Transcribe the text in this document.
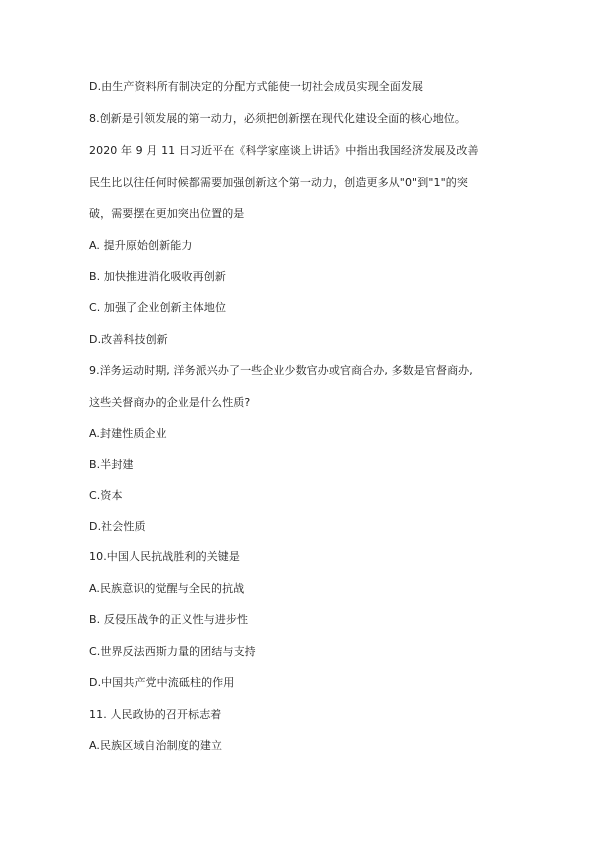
D.由生产资料所有制决定的分配方式能使一切社会成员实现全面发展
8.创新是引领发展的第一动力，必须把创新摆在现代化建设全面的核心地位。
2020 年 9 月 11 日习近平在《科学家座谈上讲话》中指出我国经济发展及改善
民生比以往任何时候都需要加强创新这个第一动力，创造更多从"0"到"1"的突
破，需要摆在更加突出位置的是
A. 提升原始创新能力
B. 加快推进消化吸收再创新
C. 加强了企业创新主体地位
D.改善科技创新
9.洋务运动时期, 洋务派兴办了一些企业少数官办或官商合办, 多数是官督商办,
这些关督商办的企业是什么性质?
A.封建性质企业
B.半封建
C.资本
D.社会性质
10.中国人民抗战胜利的关键是
A.民族意识的觉醒与全民的抗战
B. 反侵压战争的正义性与进步性
C.世界反法西斯力量的团结与支持
D.中国共产党中流砥柱的作用
11. 人民政协的召开标志着
A.民族区域自治制度的建立
